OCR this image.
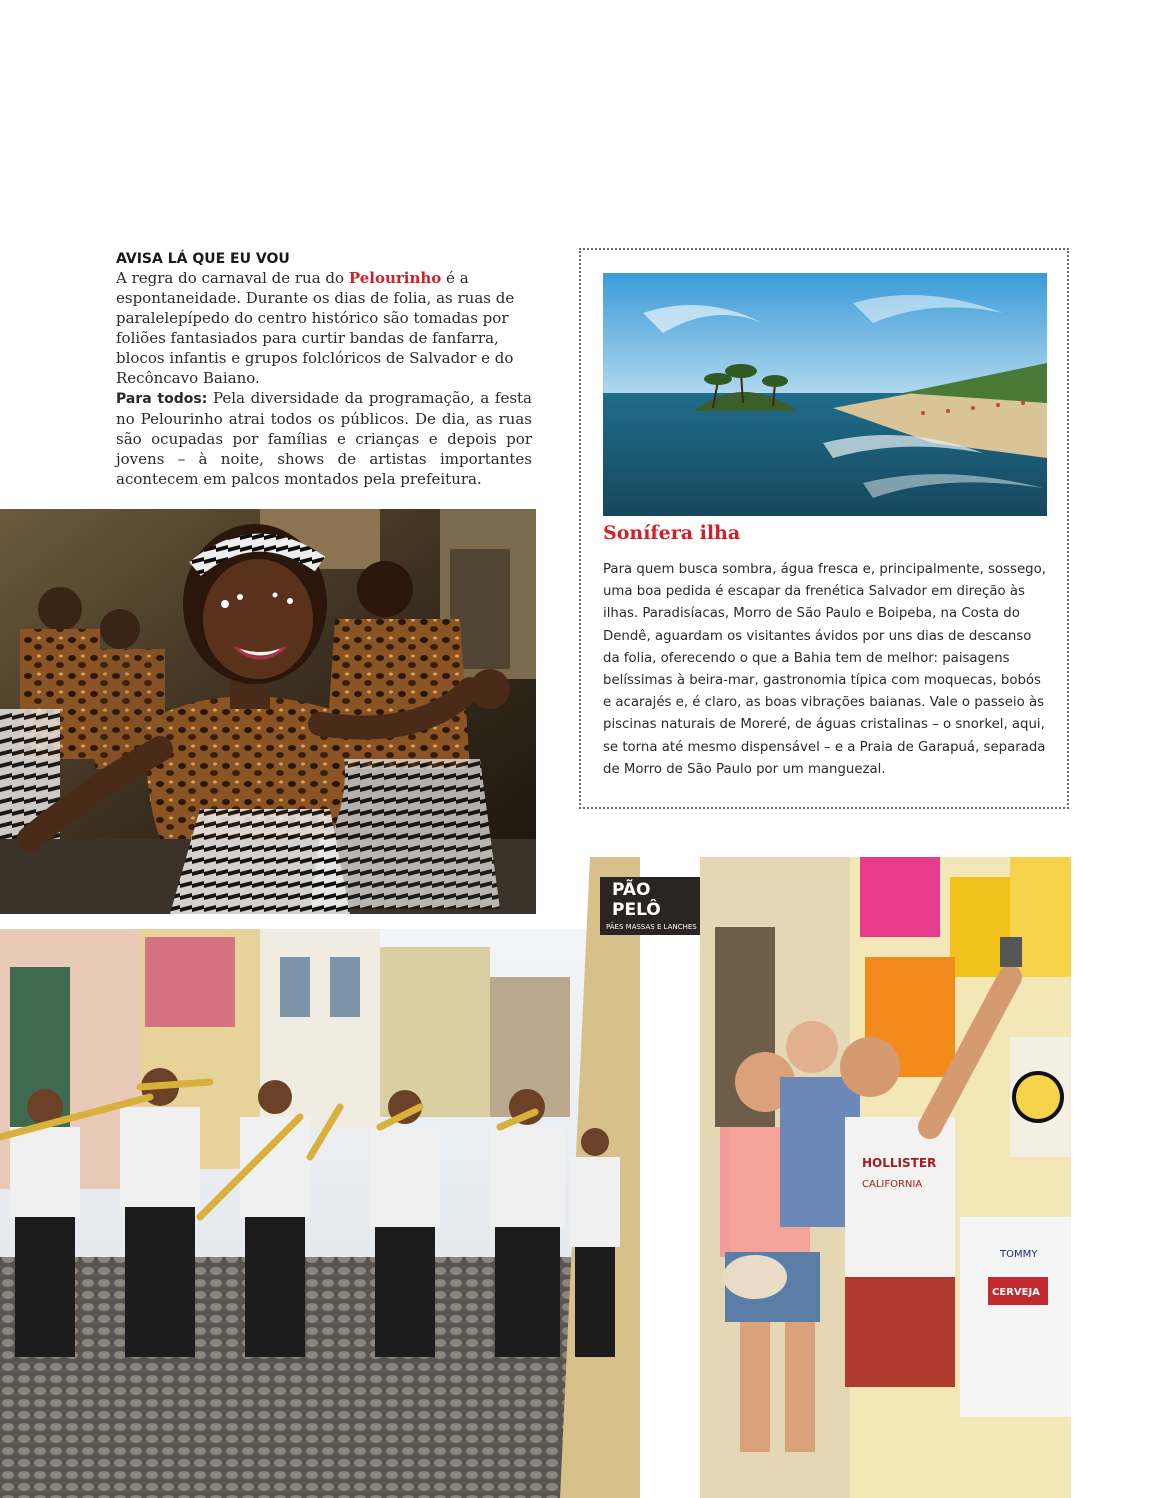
AVISA LÁ QUE EU VOU

A regra do carnaval de rua do Pelourinho é a espontaneidade. Durante os dias de folia, as ruas de paralelepípedo do centro histórico são tomadas por foliões fantasiados para curtir bandas de fanfarra, blocos infantis e grupos folclóricos de Salvador e do Recôncavo Baiano.

Para todos: Pela diversidade da programação, a festa no Pelourinho atrai todos os públicos. De dia, as ruas são ocupadas por famílias e crianças e depois por jovens – à noite, shows de artistas importantes acontecem em palcos montados pela prefeitura.

PÃO
PELÔ
PÃES MASSAS E LANCHES
TOMMY
CERVEJA
HOLLISTER
CALIFORNIA
Sonífera ilha

Para quem busca sombra, água fresca e, principalmente, sossego, uma boa pedida é escapar da frenética Salvador em direção às ilhas. Paradisíacas, Morro de São Paulo e Boipeba, na Costa do Dendê, aguardam os visitantes ávidos por uns dias de descanso da folia, oferecendo o que a Bahia tem de melhor: paisagens belíssimas à beira-mar, gastronomia típica com moquecas, bobós e acarajés e, é claro, as boas vibrações baianas. Vale o passeio às piscinas naturais de Moreré, de águas cristalinas – o snorkel, aqui, se torna até mesmo dispensável – e a Praia de Garapuá, separada de Morro de São Paulo por um manguezal.
